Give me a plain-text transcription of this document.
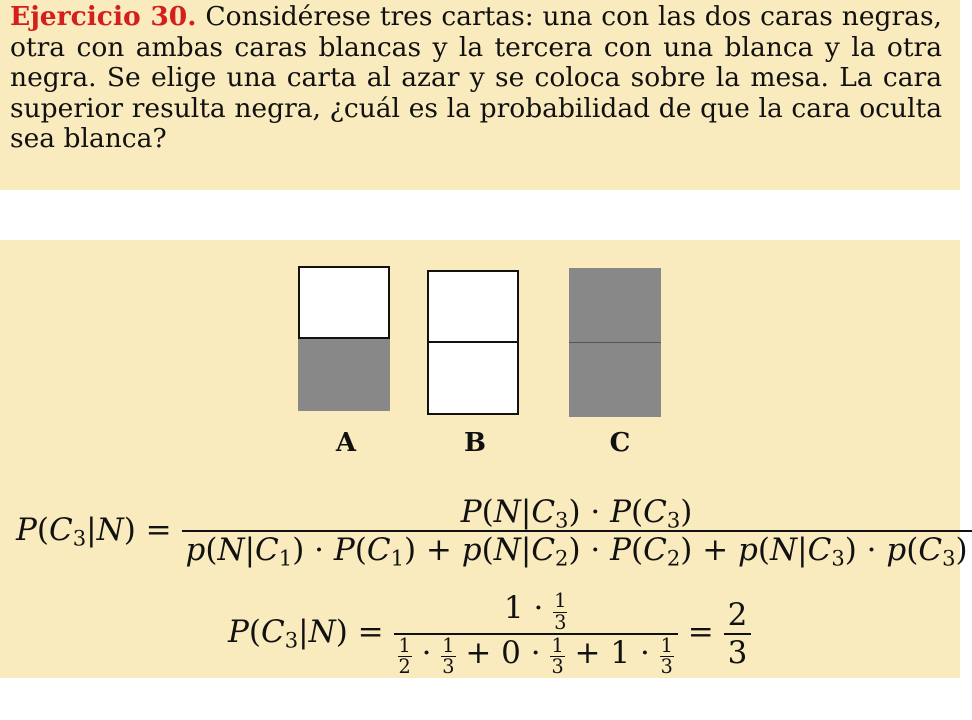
Ejercicio 30. Considérese tres cartas: una con las dos caras negras, otra con ambas caras blancas y la tercera con una blanca y la otra negra. Se elige una carta al azar y se coloca sobre la mesa. La cara superior resulta negra, ¿cuál es la probabilidad de que la cara oculta sea blanca?
A	B	C
$P(C_3|N) = \frac{P(N|C_3) \cdot P(C_3)}{p(N|C_1) \cdot P(C_1) + p(N|C_2) \cdot P(C_2) + p(N|C_3) \cdot p(C_3)}$
$P(C_3|N) = \frac{1 \cdot \frac{1}{3}}{\frac{1}{2} \cdot \frac{1}{3} + 0 \cdot \frac{1}{3} + 1 \cdot \frac{1}{3}} = \frac{2}{3}$
